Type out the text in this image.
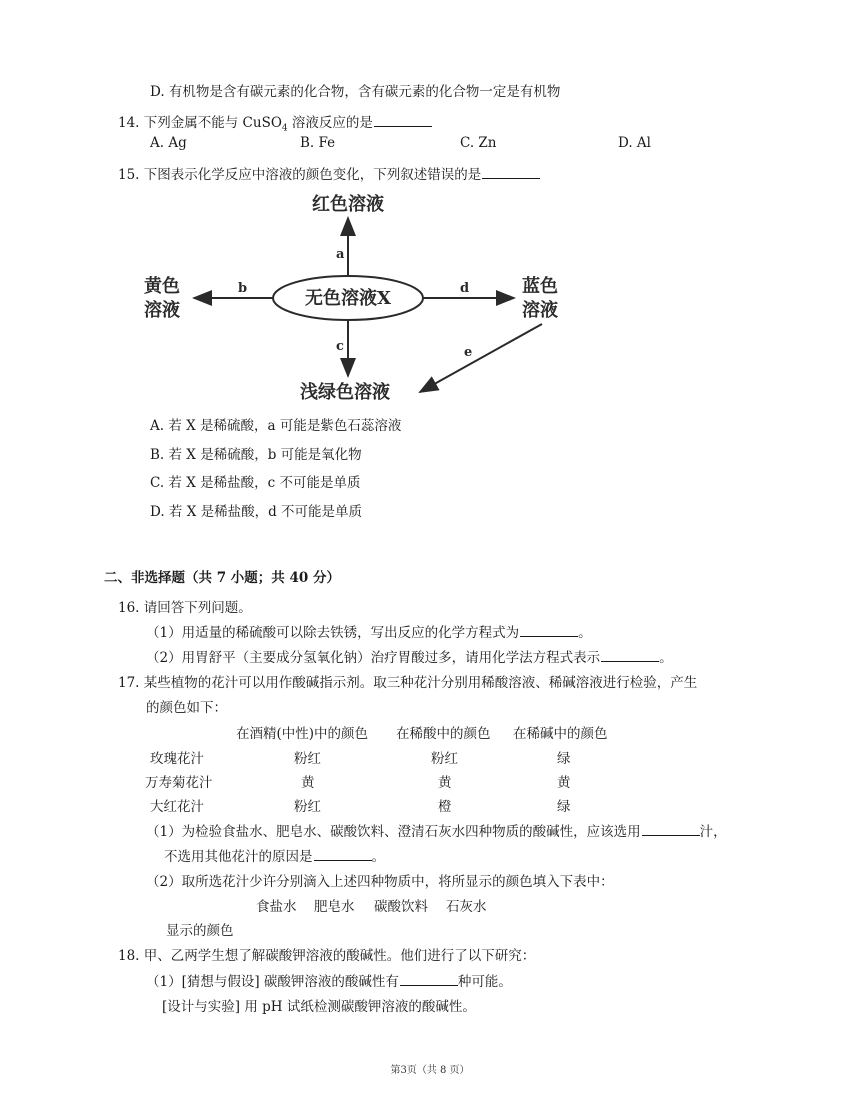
D. 有机物是含有碳元素的化合物，含有碳元素的化合物一定是有机物
14. 下列金属不能与 CuSO$_4$ 溶液反应的是
A. Ag	B. Fe	C. Zn	D. Al
15. 下图表示化学反应中溶液的颜色变化，下列叙述错误的是
无色溶液X
红色溶液
a
黄色
溶液
b	蓝色
溶液
d
浅绿色溶液
c	e
A. 若 X 是稀硫酸，a 可能是紫色石蕊溶液
B. 若 X 是稀硫酸，b 可能是氧化物
C. 若 X 是稀盐酸，c 不可能是单质
D. 若 X 是稀盐酸，d 不可能是单质
二、非选择题（共 7 小题；共 40 分）
16. 请回答下列问题。
（1）用适量的稀硫酸可以除去铁锈，写出反应的化学方程式为	。
（2）用胃舒平（主要成分氢氧化钠）治疗胃酸过多，请用化学法方程式表示	。
17. 某些植物的花汁可以用作酸碱指示剂。取三种花汁分别用稀酸溶液、稀碱溶液进行检验，产生
的颜色如下：
在酒精(中性)中的颜色 在稀酸中的颜色 在稀碱中的颜色
玫瑰花汁	粉红	粉红	绿
万寿菊花汁	黄	黄	黄
大红花汁	粉红	橙	绿
（1）为检验食盐水、肥皂水、碳酸饮料、澄清石灰水四种物质的酸碱性，应该选用	汁，
不选用其他花汁的原因是	。
（2）取所选花汁少许分别滴入上述四种物质中，将所显示的颜色填入下表中：
食盐水 肥皂水 碳酸饮料 石灰水
显示的颜色
18. 甲、乙两学生想了解碳酸钾溶液的酸碱性。他们进行了以下研究：
（1）[猜想与假设] 碳酸钾溶液的酸碱性有	种可能。
[设计与实验] 用 pH 试纸检测碳酸钾溶液的酸碱性。
第3页（共 8 页）
